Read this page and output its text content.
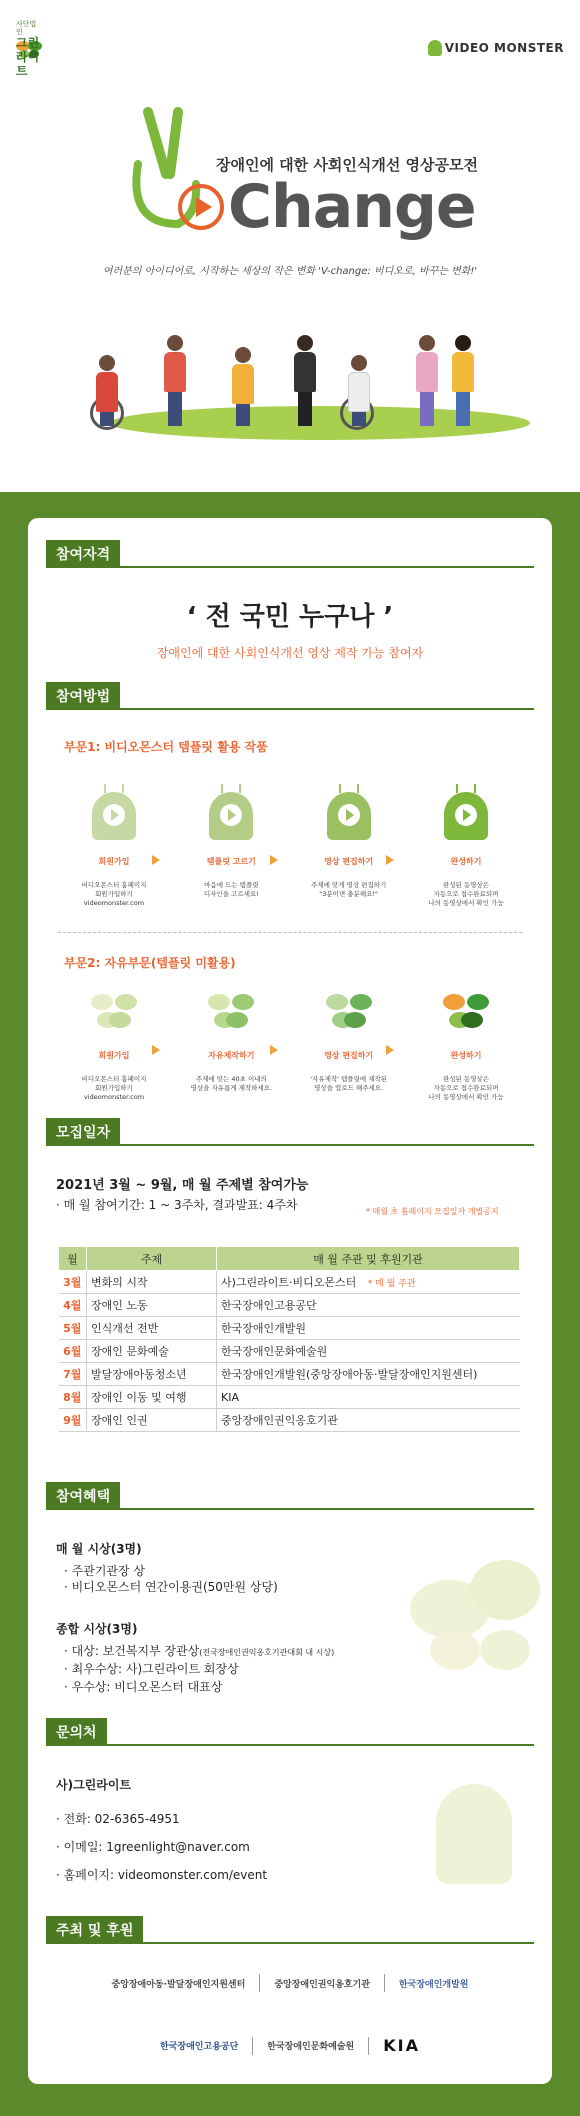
사단법인
그린라이트
VIDEO MONSTER
장애인에 대한 사회인식개선 영상공모전
Change
여러분의 아이디어로, 시작하는 세상의 작은 변화 'V-change: 비디오로, 바꾸는 변화!'
참여자격
‘ 전 국민 누구나 ’
장애인에 대한 사회인식개선 영상 제작 가능 참여자
참여방법
부문1: 비디오몬스터 템플릿 활용 작품
회원가입
비디오몬스터 홈페이지
회원가입하기
videomonster.com
템플릿 고르기
마음에 드는 템플릿
디자인을 고르세요!
영상 편집하기
주제에 맞게 영상 편집하기
"3분이면 충분해요!"
완성하기
완성된 동영상은
자동으로 접수완료되며
나의 동영상에서 확인 가능
부문2: 자유부문(템플릿 미활용)
회원가입
비디오몬스터 홈페이지
회원가입하기
videomonster.com
자유제작하기
주제에 맞는 40초 이내의
영상을 자유롭게 제작하세요.
영상 편집하기
'자유제작' 템플릿에 제작된
영상을 업로드 해주세요.
완성하기
완성된 동영상은
자동으로 접수완료되며
나의 동영상에서 확인 가능
모집일자
2021년 3월 ~ 9월, 매 월 주제별 참여가능
· 매 월 참여기간: 1 ~ 3주차, 결과발표: 4주차	* 매월 초 홈페이지 모집일자 개별공지
월	주제	매 월 주관 및 후원기관
3월	변화의 시작	사)그린라이트·비디오몬스터 * 매 월 주관
4월	장애인 노동	한국장애인고용공단
5월	인식개선 전반	한국장애인개발원
6월	장애인 문화예술	한국장애인문화예술원
7월	발달장애아동청소년	한국장애인개발원(중앙장애아동·발달장애인지원센터)
8월	장애인 이동 및 여행	KIA
9월	장애인 인권	중앙장애인권익옹호기관
참여혜택
매 월 시상(3명)
· 주관기관장 상
· 비디오몬스터 연간이용권(50만원 상당)
종합 시상(3명)
· 대상: 보건복지부 장관상(전국장애인권익옹호기관대회 내 시상)
· 최우수상: 사)그린라이트 회장상
· 우수상: 비디오몬스터 대표상
문의처
사)그린라이트
· 전화: 02-6365-4951
· 이메일: 1greenlight@naver.com
· 홈페이지: videomonster.com/event
주최 및 후원
중앙장애아동·발달장애인지원센터	중앙장애인권익옹호기관	한국장애인개발원
한국장애인고용공단	한국장애인문화예술원 KIA
